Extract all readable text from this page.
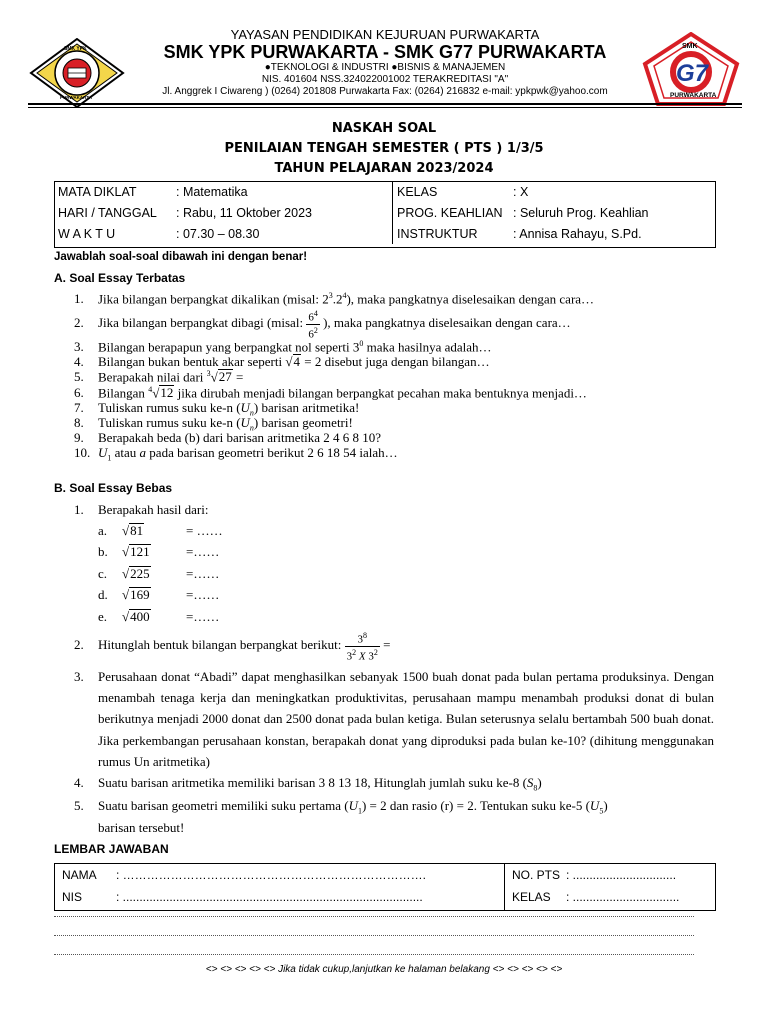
SMK YPK
PURWAKARTA
SMK
G7
PURWAKARTA
YAYASAN PENDIDIKAN KEJURUAN PURWAKARTA
SMK YPK PURWAKARTA - SMK G77 PURWAKARTA
●TEKNOLOGI & INDUSTRI ●BISNIS & MANAJEMEN
NIS. 401604 NSS.324022001002 TERAKREDITASI "A"
Jl. Anggrek I Ciwareng ) (0264) 201808 Purwakarta Fax: (0264) 216832 e-mail: ypkpwk@yahoo.com
NASKAH SOAL
PENILAIAN TENGAH SEMESTER ( PTS ) 1/3/5
TAHUN PELAJARAN 2023/2024
MATA DIKLAT	: Matematika	KELAS	: X
HARI / TANGGAL	: Rabu, 11 Oktober 2023	PROG. KEAHLIAN	: Seluruh Prog. Keahlian
W A K T U	: 07.30 – 08.30	INSTRUKTUR	: Annisa Rahayu, S.Pd.
Jawablah soal-soal dibawah ini dengan benar!
A. Soal Essay Terbatas
1. Jika bilangan berpangkat dikalikan (misal: $2^3.2^4$), maka pangkatnya diselesaikan dengan cara…
2. Jika bilangan berpangkat dibagi (misal: $\frac{6^4}{6^2}$ ), maka pangkatnya diselesaikan dengan cara…
3. Bilangan berapapun yang berpangkat nol seperti $3^0$ maka hasilnya adalah…
4. Bilangan bukan bentuk akar seperti √4 = 2 disebut juga dengan bilangan…
5. Berapakah nilai dari $^3$√27 =
6. Bilangan $^4$√12 jika dirubah menjadi bilangan berpangkat pecahan maka bentuknya menjadi…
7. Tuliskan rumus suku ke-n $(U_n)$ barisan aritmetika!
8. Tuliskan rumus suku ke-n $(U_n)$ barisan geometri!
9. Berapakah beda (b) dari barisan aritmetika 2 4 6 8 10?
10. $U_1$ atau a pada barisan geometri berikut 2 6 18 54 ialah…
B. Soal Essay Bebas
1. Berapakah hasil dari:
a. √81	= ……
b. √121	=……
c. √225	=……
d. √169	=……
e. √400	=……
2. Hitunglah bentuk bilangan berpangkat berikut: $\frac{3^8}{3^2 X 3^2}$ =
3.	Perusahaan donat “Abadi” dapat menghasilkan sebanyak 1500 buah donat pada bulan pertama produksinya. Dengan menambah tenaga kerja dan meningkatkan produktivitas, perusahaan mampu menambah produksi donat di bulan berikutnya menjadi 2000 donat dan 2500 donat pada bulan ketiga. Bulan seterusnya selalu bertambah 500 buah donat. Jika perkembangan perusahaan konstan, berapakah donat yang diproduksi pada bulan ke-10? (dihitung menggunakan rumus Un aritmetika)
4. Suatu barisan aritmetika memiliki barisan 3 8 13 18, Hitunglah jumlah suku ke-8 $(S_8)$
5. Suatu barisan geometri memiliki suku pertama $(U_1) = 2$ dan rasio (r) = 2. Tentukan suku ke-5 $(U_5)$
barisan tersebut!
LEMBAR JAWABAN
NAMA : ………………………………………………………………….
NIS	: ..........................................................................................
NO. PTS : ...............................
KELAS : ................................
<> <> <> <> <> Jika tidak cukup,lanjutkan ke halaman belakang <> <> <> <> <>
